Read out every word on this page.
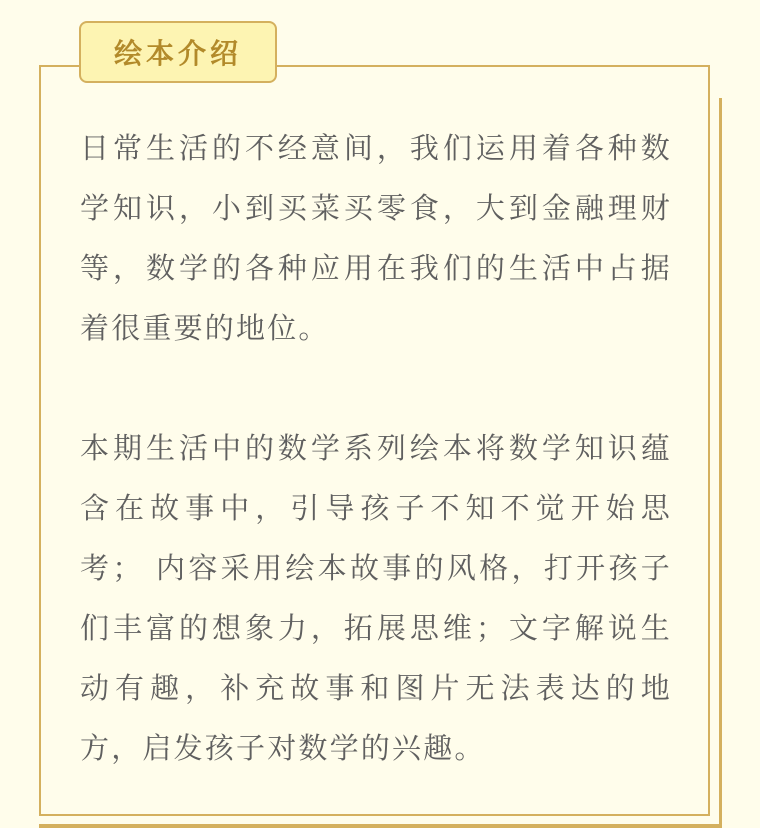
绘本介绍

日常生活的不经意间，我们运用着各种数学知识，小到买菜买零食，大到金融理财等，数学的各种应用在我们的生活中占据着很重要的地位。

本期生活中的数学系列绘本将数学知识蕴含在故事中，引导孩子不知不觉开始思考； 内容采用绘本故事的风格，打开孩子们丰富的想象力，拓展思维；文字解说生动有趣，补充故事和图片无法表达的地方，启发孩子对数学的兴趣。
